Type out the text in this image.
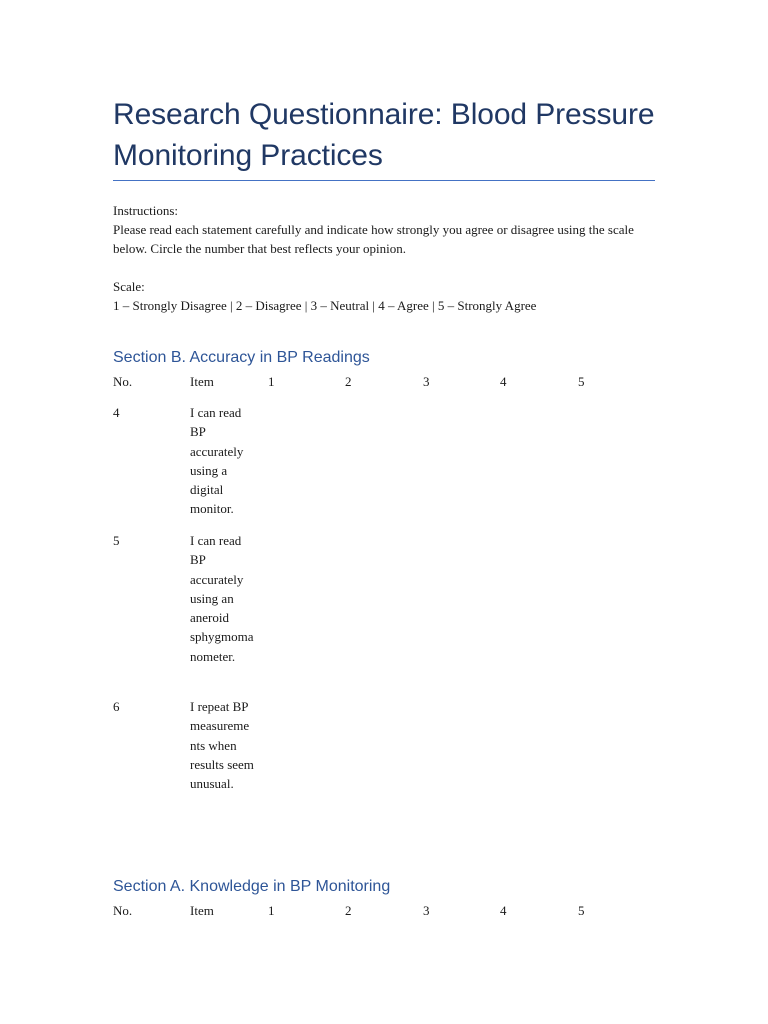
Research Questionnaire: Blood Pressure Monitoring Practices

Instructions:

Please read each statement carefully and indicate how strongly you agree or disagree using the scale below. Circle the number that best reflects your opinion.

Scale:

1 – Strongly Disagree | 2 – Disagree | 3 – Neutral | 4 – Agree | 5 – Strongly Agree

Section B. Accuracy in BP Readings
No.	Item	1	2	3	4	5
4	I can read BP accurately using a digital monitor.
5	I can read BP accurately using an aneroid sphygmomanometer.
6	I repeat BP measurements when results seem unusual.
Section A. Knowledge in BP Monitoring
No.	Item	1	2	3	4	5
